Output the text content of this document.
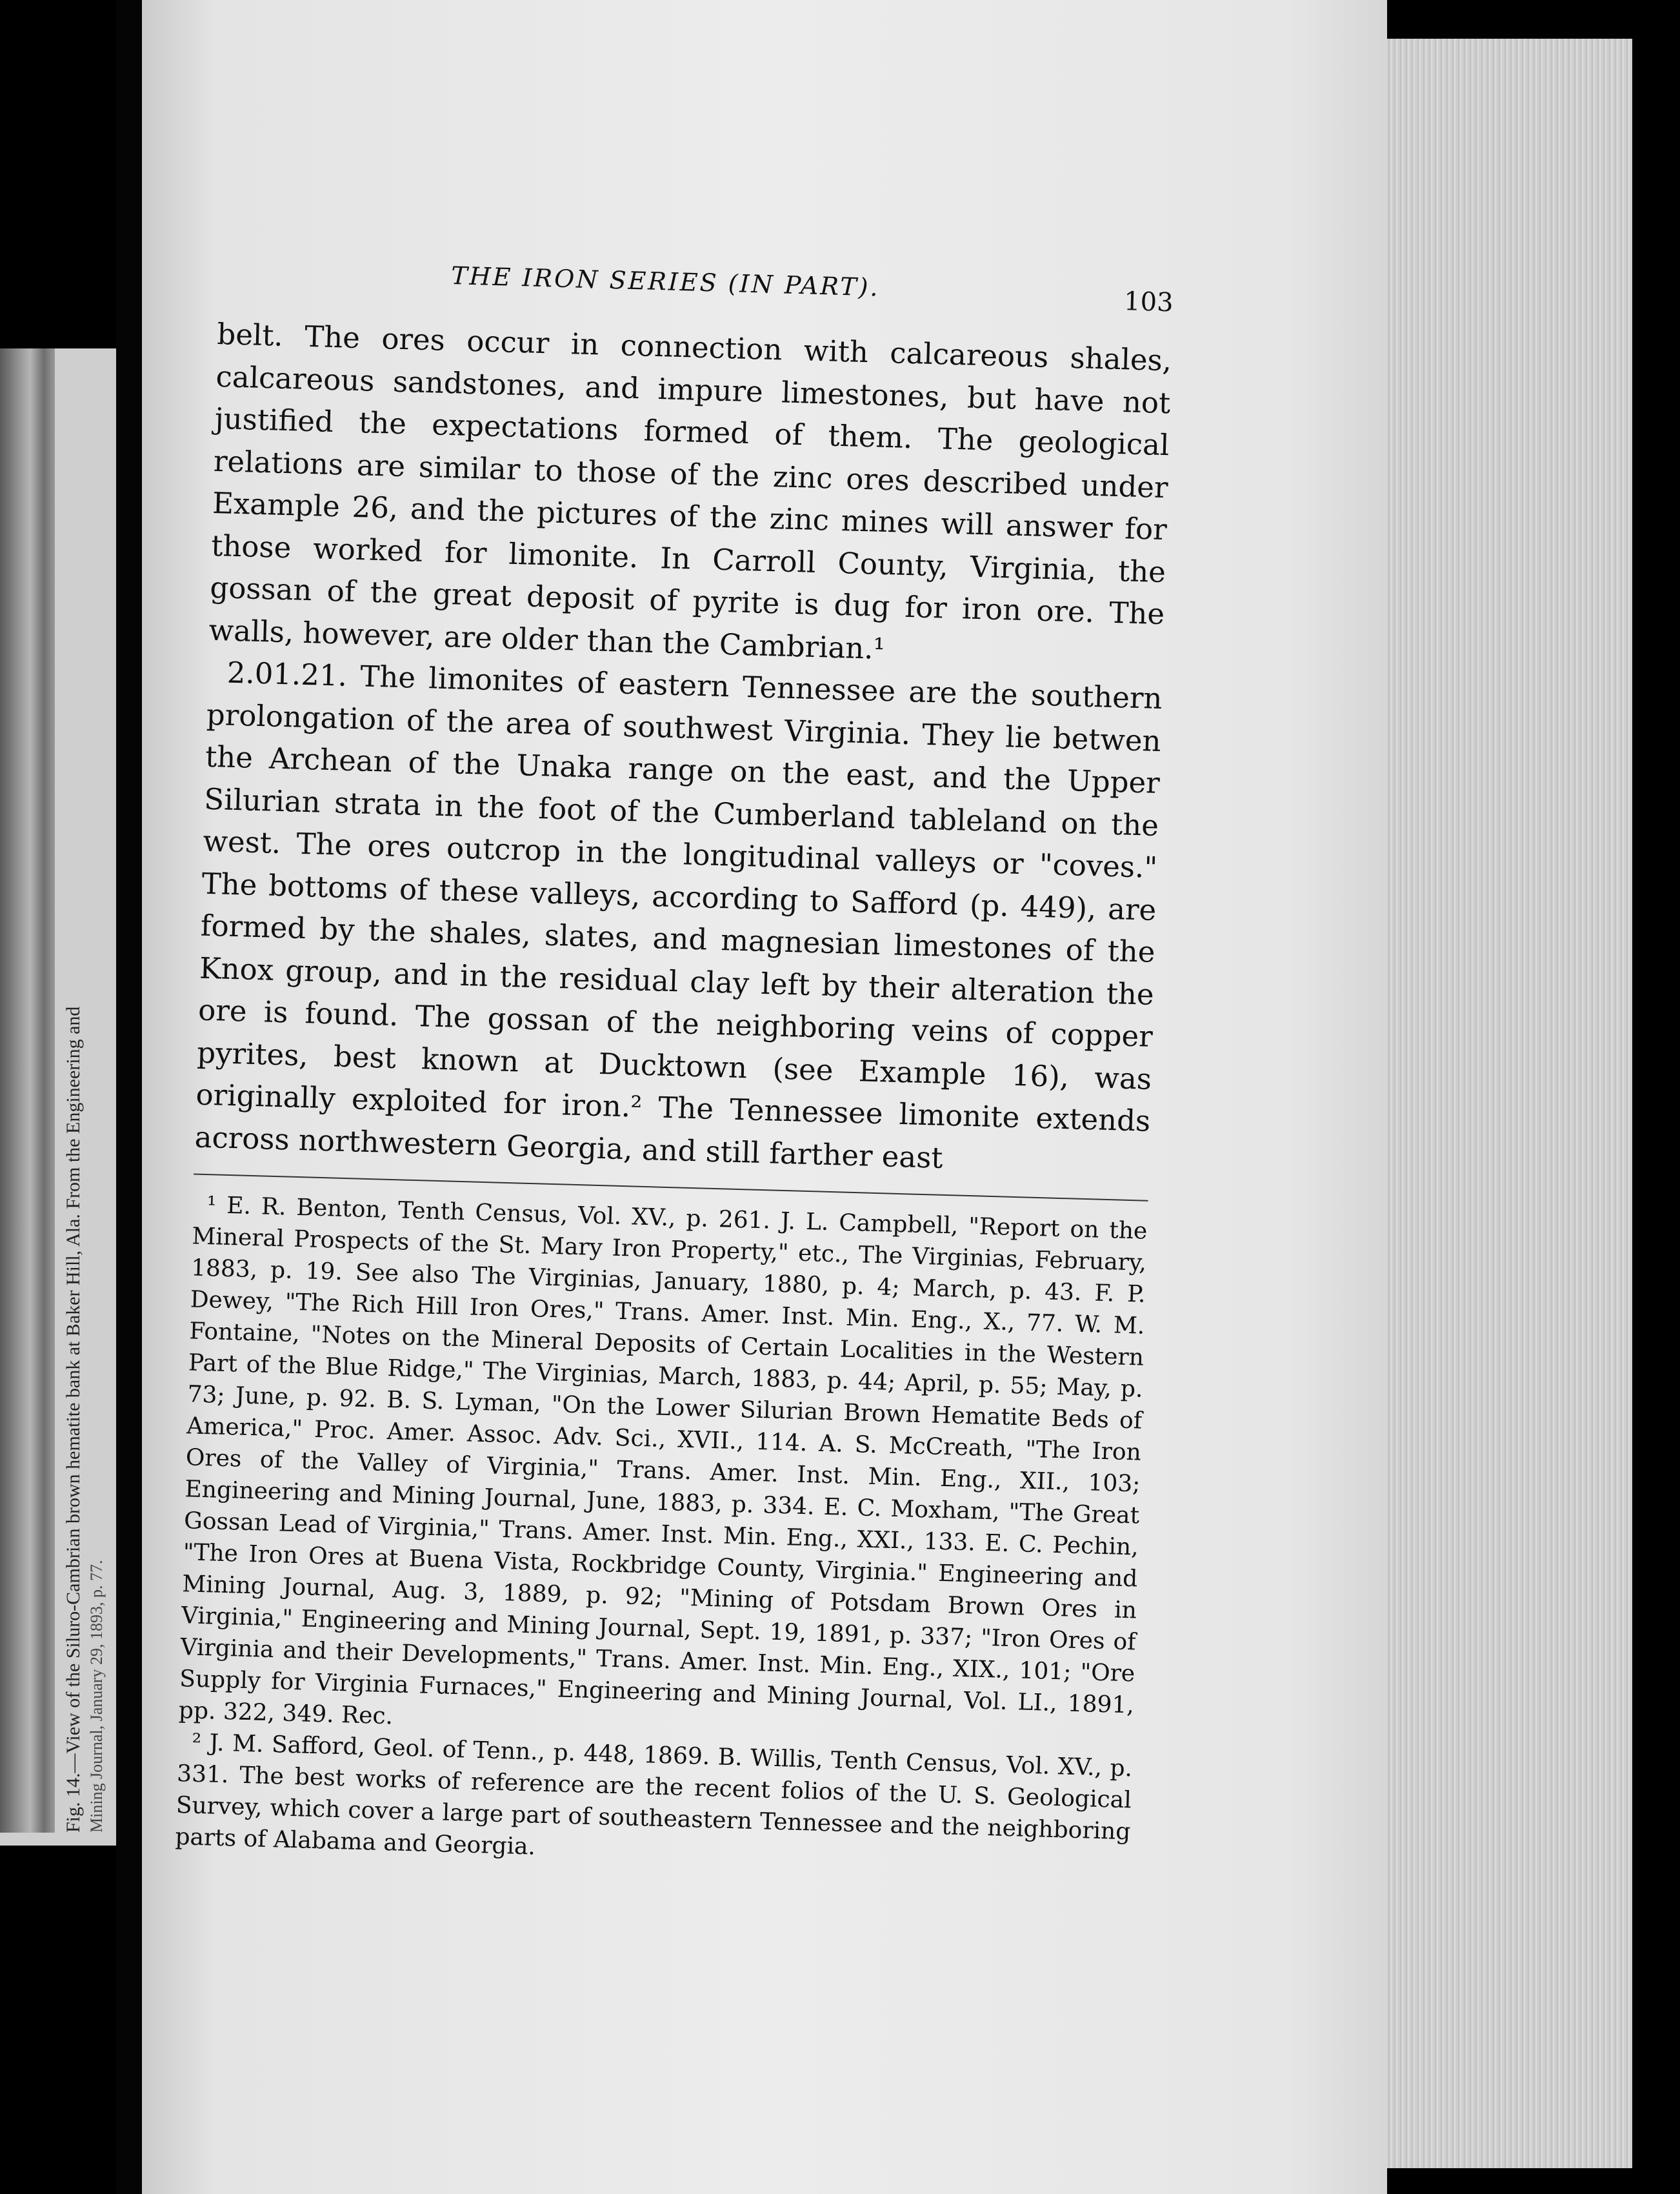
Fig. 14.—View of the Siluro-Cambrian brown hematite bank at Baker Hill, Ala. From the Engineering and Mining Journal, January 29, 1893, p. 77.
THE IRON SERIES (IN PART).
103

belt. The ores occur in connection with calcareous shales, calcareous sandstones, and impure limestones, but have not justified the expectations formed of them. The geological relations are similar to those of the zinc ores described under Example 26, and the pictures of the zinc mines will answer for those worked for limonite. In Carroll County, Virginia, the gossan of the great deposit of pyrite is dug for iron ore. The walls, however, are older than the Cambrian.¹

2.01.21. The limonites of eastern Tennessee are the southern prolongation of the area of southwest Virginia. They lie betwen the Archean of the Unaka range on the east, and the Upper Silurian strata in the foot of the Cumberland tableland on the west. The ores outcrop in the longitudinal valleys or "coves." The bottoms of these valleys, according to Safford (p. 449), are formed by the shales, slates, and magnesian limestones of the Knox group, and in the residual clay left by their alteration the ore is found. The gossan of the neighboring veins of copper pyrites, best known at Ducktown (see Example 16), was originally exploited for iron.² The Tennessee limonite extends across northwestern Georgia, and still farther east

¹ E. R. Benton, Tenth Census, Vol. XV., p. 261. J. L. Campbell, "Report on the Mineral Prospects of the St. Mary Iron Property," etc., The Virginias, February, 1883, p. 19. See also The Virginias, January, 1880, p. 4; March, p. 43. F. P. Dewey, "The Rich Hill Iron Ores," Trans. Amer. Inst. Min. Eng., X., 77. W. M. Fontaine, "Notes on the Mineral Deposits of Certain Localities in the Western Part of the Blue Ridge," The Virginias, March, 1883, p. 44; April, p. 55; May, p. 73; June, p. 92. B. S. Lyman, "On the Lower Silurian Brown Hematite Beds of America," Proc. Amer. Assoc. Adv. Sci., XVII., 114. A. S. McCreath, "The Iron Ores of the Valley of Virginia," Trans. Amer. Inst. Min. Eng., XII., 103; Engineering and Mining Journal, June, 1883, p. 334. E. C. Moxham, "The Great Gossan Lead of Virginia," Trans. Amer. Inst. Min. Eng., XXI., 133. E. C. Pechin, "The Iron Ores at Buena Vista, Rockbridge County, Virginia." Engineering and Mining Journal, Aug. 3, 1889, p. 92; "Mining of Potsdam Brown Ores in Virginia," Engineering and Mining Journal, Sept. 19, 1891, p. 337; "Iron Ores of Virginia and their Developments," Trans. Amer. Inst. Min. Eng., XIX., 101; "Ore Supply for Virginia Furnaces," Engineering and Mining Journal, Vol. LI., 1891, pp. 322, 349. Rec.

² J. M. Safford, Geol. of Tenn., p. 448, 1869. B. Willis, Tenth Census, Vol. XV., p. 331. The best works of reference are the recent folios of the U. S. Geological Survey, which cover a large part of southeastern Tennessee and the neighboring parts of Alabama and Georgia.
